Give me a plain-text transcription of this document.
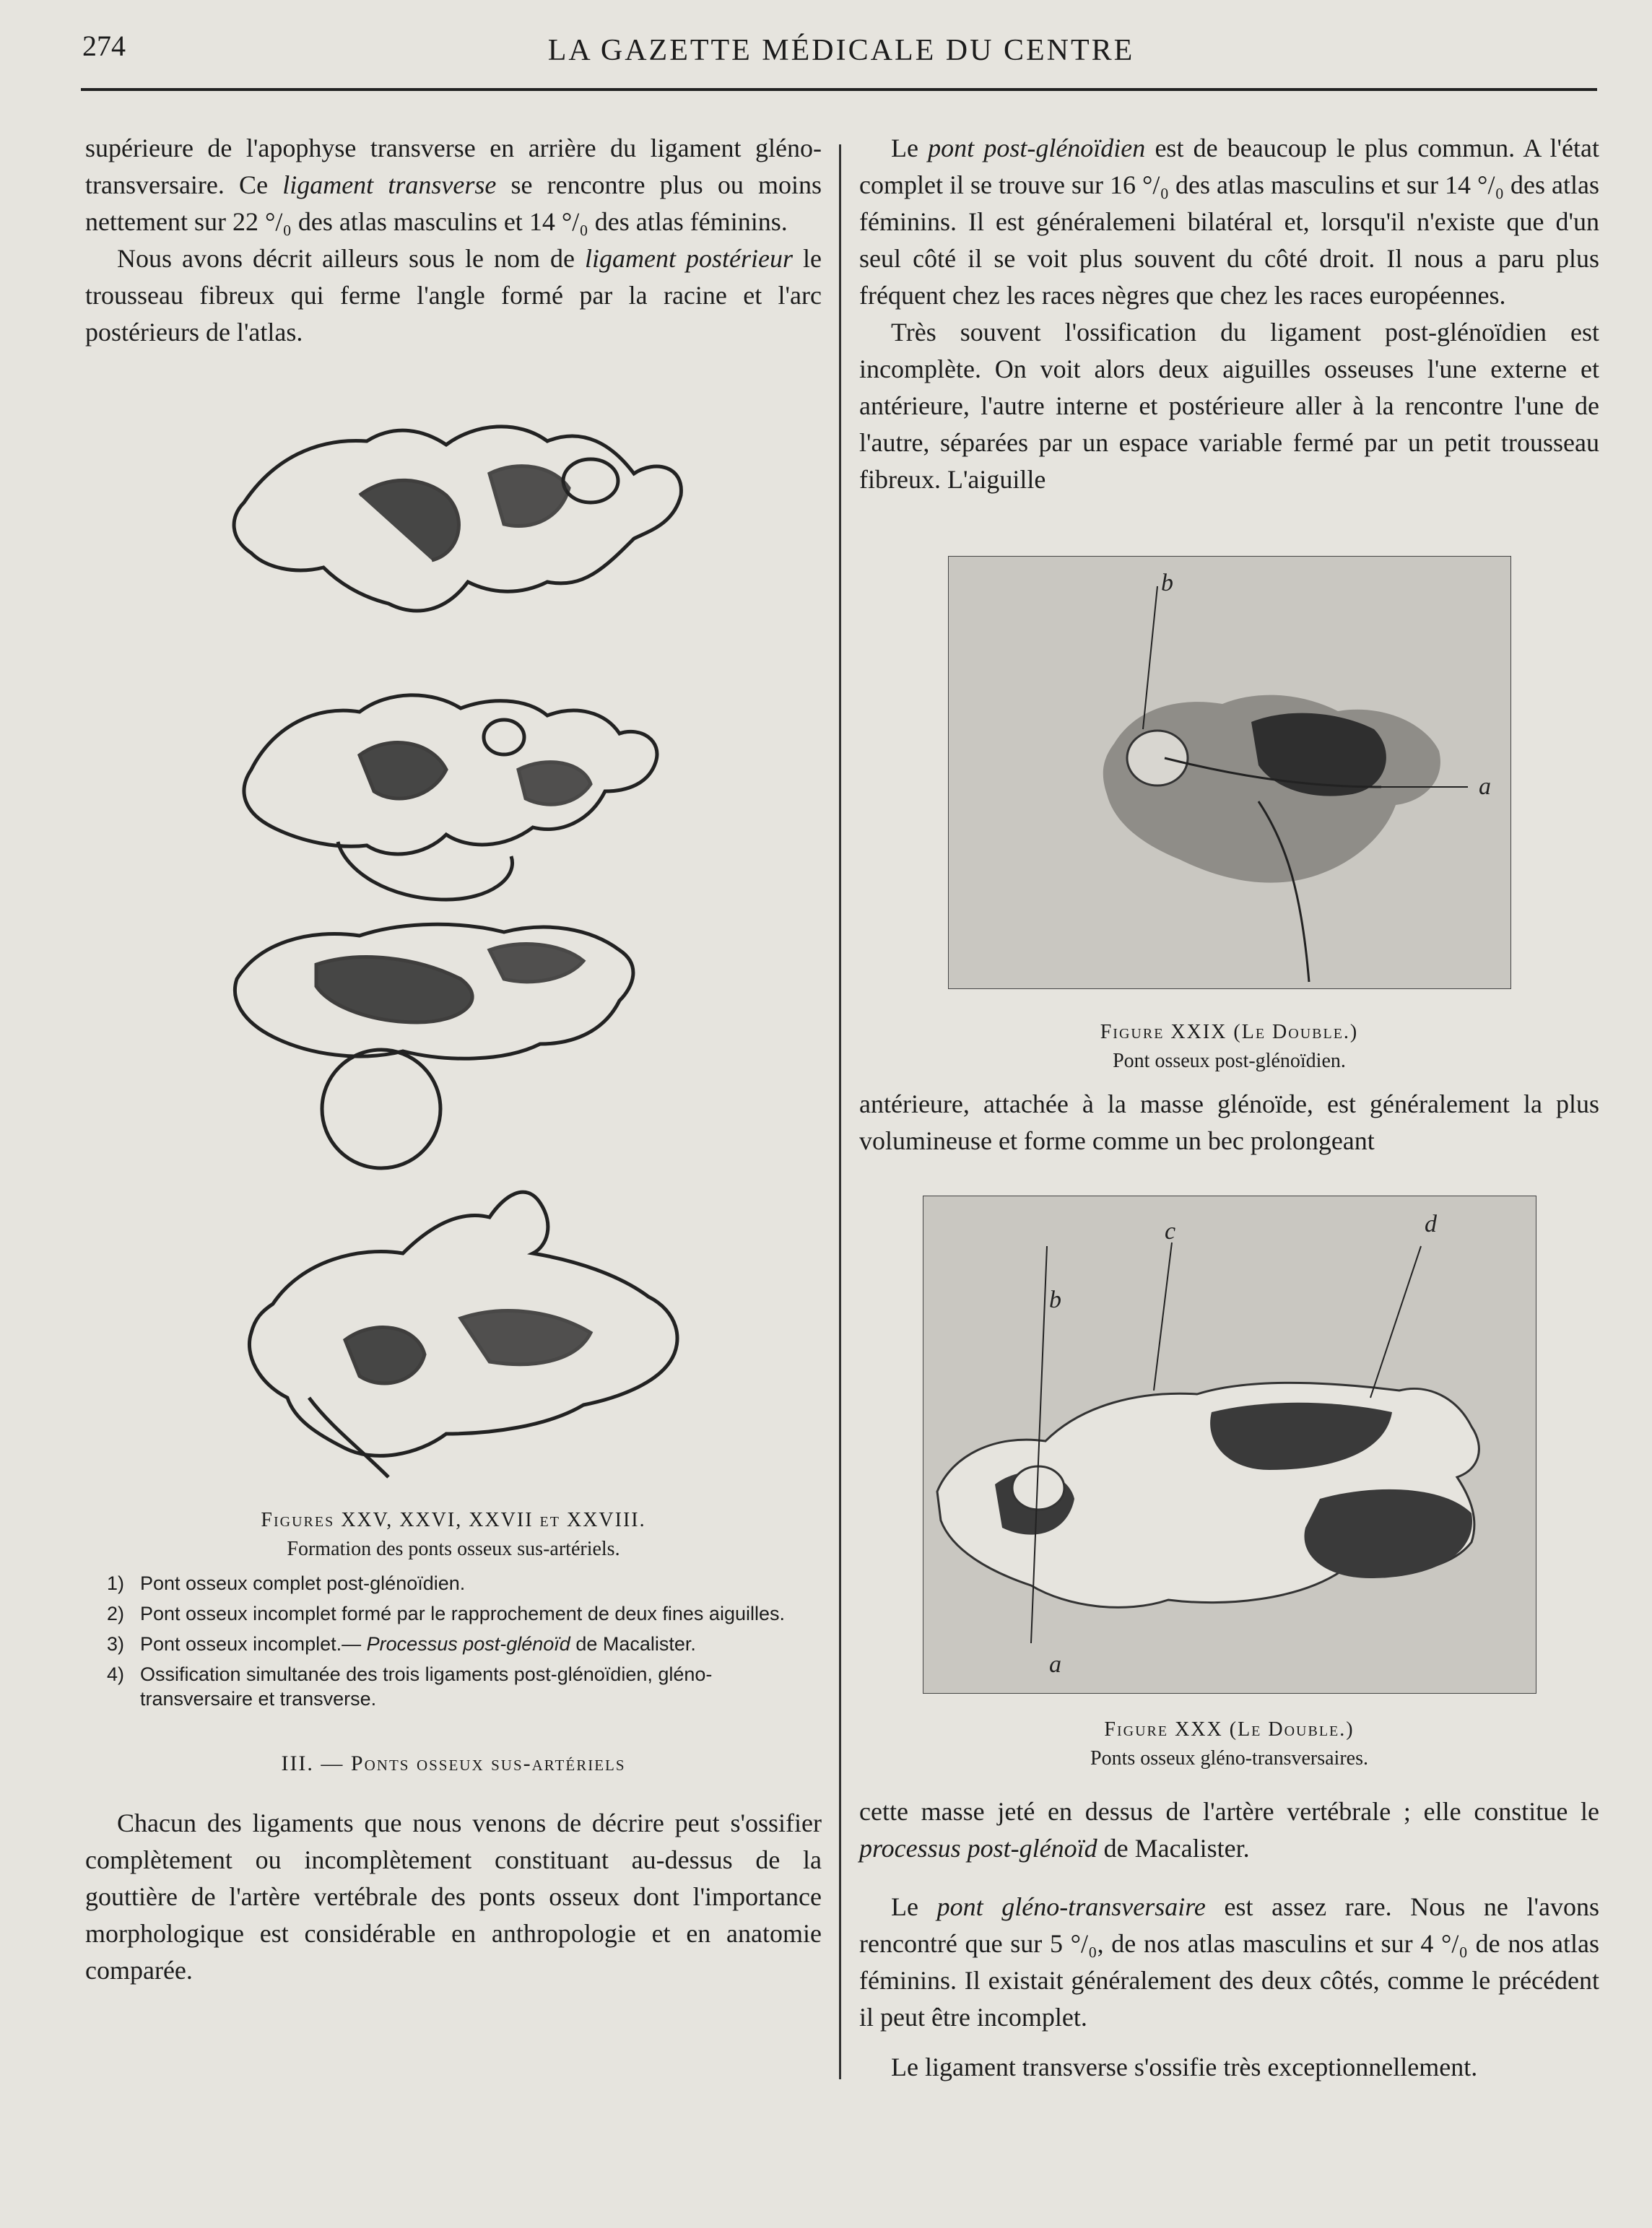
274	LA GAZETTE MÉDICALE DU CENTRE

supérieure de l'apophyse transverse en arrière du ligament gléno-transversaire. Ce ligament transverse se rencontre plus ou moins nettement sur 22 °/₀ des atlas masculins et 14 °/₀ des atlas féminins.

Nous avons décrit ailleurs sous le nom de ligament postérieur le trousseau fibreux qui ferme l'angle formé par la racine et l'arc postérieurs de l'atlas.

Figures XXV, XXVI, XXVII et XXVIII.
Formation des ponts osseux sus-artériels.
1) Pont osseux complet post-glénoïdien.
2) Pont osseux incomplet formé par le rapprochement de deux fines aiguilles.
3) Pont osseux incomplet.— Processus post-glénoïd de Macalister.
4) Ossification simultanée des trois ligaments post-glénoïdien, gléno-transversaire et transverse.
III. — Ponts osseux sus-artériels

Chacun des ligaments que nous venons de décrire peut s'ossifier complètement ou incomplètement constituant au-dessus de la gouttière de l'artère vertébrale des ponts osseux dont l'importance morphologique est considérable en anthropologie et en anatomie comparée.

Le pont post-glénoïdien est de beaucoup le plus commun. A l'état complet il se trouve sur 16 °/₀ des atlas masculins et sur 14 °/₀ des atlas féminins. Il est généralemeni bilatéral et, lorsqu'il n'existe que d'un seul côté il se voit plus souvent du côté droit. Il nous a paru plus fréquent chez les races nègres que chez les races européennes.

Très souvent l'ossification du ligament post-glénoïdien est incomplète. On voit alors deux aiguilles osseuses l'une externe et antérieure, l'autre interne et postérieure aller à la rencontre l'une de l'autre, séparées par un espace variable fermé par un petit trousseau fibreux. L'aiguille

a
b
Figure XXIX (Le Double.)
Pont osseux post-glénoïdien.

antérieure, attachée à la masse glénoïde, est généralement la plus volumineuse et forme comme un bec prolongeant

a
b
c	d
Figure XXX (Le Double.)
Ponts osseux gléno-transversaires.

cette masse jeté en dessus de l'artère vertébrale ; elle constitue le processus post-glénoïd de Macalister.

Le pont gléno-transversaire est assez rare. Nous ne l'avons rencontré que sur 5 °/₀, de nos atlas masculins et sur 4 °/₀ de nos atlas féminins. Il existait généralement des deux côtés, comme le précédent il peut être incomplet.

Le ligament transverse s'ossifie très exceptionnellement.
